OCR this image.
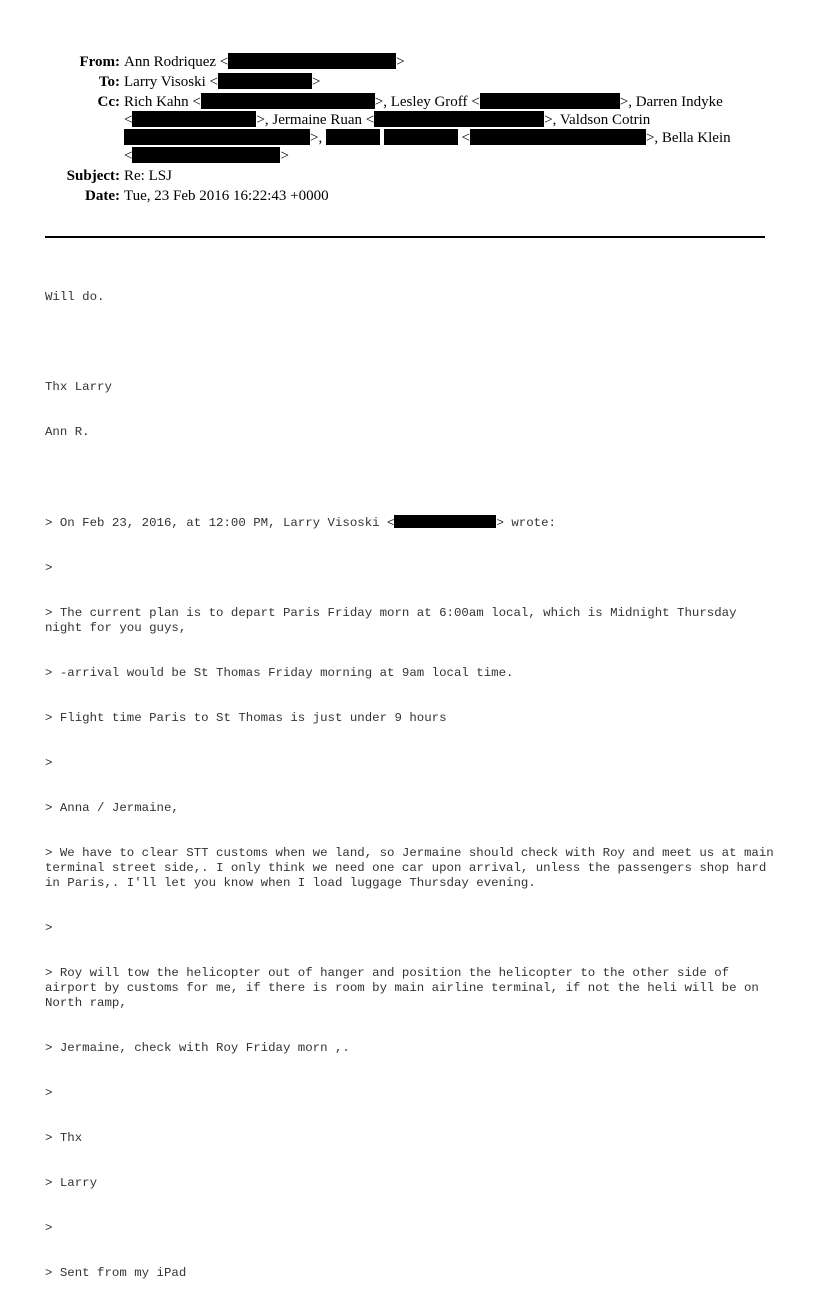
From: Ann Rodriquez <	>
To: Larry Visoski <	>
Cc: Rich Kahn <	>, Lesley Groff <	>, Darren Indyke
<	>, Jermaine Ruan <	>, Valdson Cotrin
>,	<	>, Bella Klein
<	>
Subject: Re: LSJ
Date: Tue, 23 Feb 2016 16:22:43 +0000

Will do.

Thx Larry

Ann R.

> On Feb 23, 2016, at 12:00 PM, Larry Visoski <	> wrote:

>

> The current plan is to depart Paris Friday morn at 6:00am local, which is Midnight Thursday night for you guys,

> -arrival would be St Thomas Friday morning at 9am local time.

> Flight time Paris to St Thomas is just under 9 hours

>

> Anna / Jermaine,

> We have to clear STT customs when we land, so Jermaine should check with Roy and meet us at main terminal street side,. I only think we need one car upon arrival, unless the passengers shop hard in Paris,. I'll let you know when I load luggage Thursday evening.

>

> Roy will tow the helicopter out of hanger and position the helicopter to the other side of airport by customs for me, if there is room by main airline terminal, if not the heli will be on North ramp,

> Jermaine, check with Roy Friday morn ,.

>

> Thx

> Larry

>

> Sent from my iPad
